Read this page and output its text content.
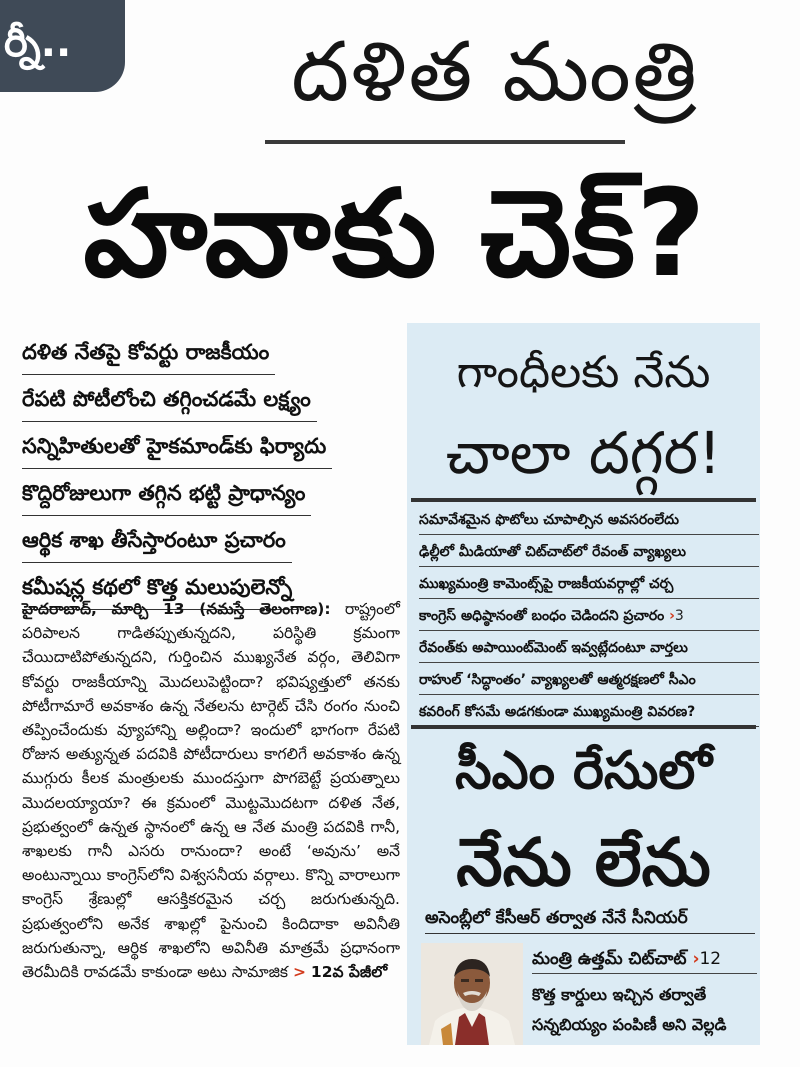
ర్నీ..	దళిత మంత్రి
హవాకు చెక్?
దళిత నేతపై కోవర్టు రాజకీయం
రేపటి పోటీలోంచి తగ్గించడమే లక్ష్యం
సన్నిహితులతో హైకమాండ్‌కు ఫిర్యాదు
కొద్దిరోజులుగా తగ్గిన భట్టి ప్రాధాన్యం
ఆర్థిక శాఖ తీసేస్తారంటూ ప్రచారం
కమీషన్ల కథలో కొత్త మలుపులెన్నో
హైదరాబాద్, మార్చి 13 (నమస్తే తెలంగాణ): రాష్ట్రంలో పరిపాలన గాడితప్పుతున్నదని, పరిస్థితి క్రమంగా చేయిదాటిపోతున్నదని, గుర్తించిన ముఖ్యనేత వర్గం, తెలివిగా కోవర్టు రాజకీయాన్ని మొదలుపెట్టిందా? భవిష్యత్తులో తనకు పోటీగామారే అవకాశం ఉన్న నేతలను టార్గెట్ చేసి రంగం నుంచి తప్పించేందుకు వ్యూహాన్ని అల్లిందా? ఇందులో భాగంగా రేపటి రోజున అత్యున్నత పదవికి పోటీదారులు కాగలిగే అవకాశం ఉన్న ముగ్గురు కీలక మంత్రులకు ముందస్తుగా పొగబెట్టే ప్రయత్నాలు మొదలయ్యాయా? ఈ క్రమంలో మొట్టమొదటగా దళిత నేత, ప్రభుత్వంలో ఉన్నత స్థానంలో ఉన్న ఆ నేత మంత్రి పదవికి గానీ, శాఖలకు గానీ ఎసరు రానుందా? అంటే ‘అవును’ అనే అంటున్నాయి కాంగ్రెస్‌లోని విశ్వసనీయ వర్గాలు. కొన్ని వారాలుగా కాంగ్రెస్ శ్రేణుల్లో ఆసక్తికరమైన చర్చ జరుగుతున్నది. ప్రభుత్వంలోని అనేక శాఖల్లో పైనుంచి కిందిదాకా అవినీతి జరుగుతున్నా, ఆర్థిక శాఖలోని అవినీతి మాత్రమే ప్రధానంగా తెరమీదికి రావడమే కాకుండా అటు సామాజిక > 12వ పేజీలో
గాంధీలకు నేను
చాలా దగ్గర!
సమావేశమైన ఫొటోలు చూపాల్సిన అవసరంలేదు
ఢిల్లీలో మీడియాతో చిట్‌చాట్‌లో రేవంత్ వ్యాఖ్యలు
ముఖ్యమంత్రి కామెంట్స్‌పై రాజకీయవర్గాల్లో చర్చ
కాంగ్రెస్ అధిష్ఠానంతో బంధం చెడిందని ప్రచారం ›3
రేవంత్‌కు అపాయింట్‌మెంట్ ఇవ్వట్లేదంటూ వార్తలు
రాహుల్ ‘సిద్ధాంతం’ వ్యాఖ్యలతో ఆత్మరక్షణలో సీఎం
కవరింగ్ కోసమే అడగకుండా ముఖ్యమంత్రి వివరణ?
సీఎం రేసులో
నేను లేను
అసెంబ్లీలో కేసీఆర్ తర్వాత నేనే సీనియర్
మంత్రి ఉత్తమ్ చిట్‌చాట్ ›12
కొత్త కార్డులు ఇచ్చిన తర్వాతే సన్నబియ్యం పంపిణీ అని వెల్లడి
